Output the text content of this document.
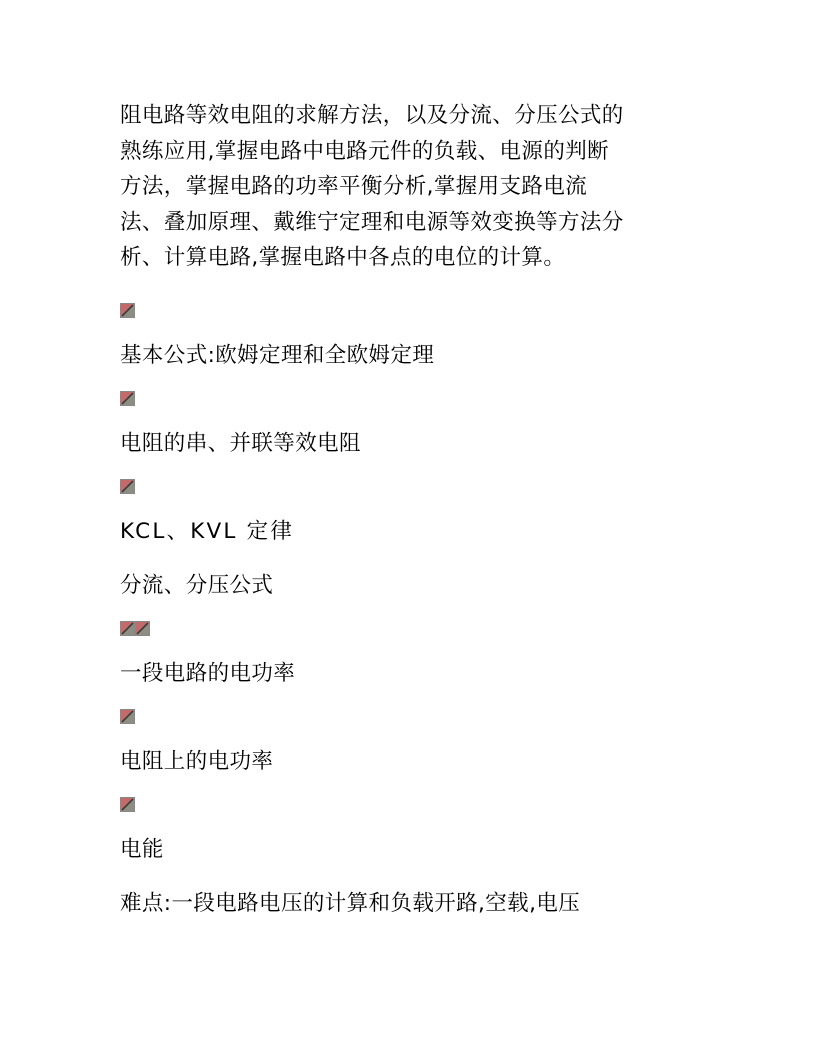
阻电路等效电阻的求解方法，以及分流、分压公式的
熟练应用,掌握电路中电路元件的负载、电源的判断
方法，掌握电路的功率平衡分析,掌握用支路电流
法、叠加原理、戴维宁定理和电源等效变换等方法分
析、计算电路,掌握电路中各点的电位的计算。
基本公式:欧姆定理和全欧姆定理
电阻的串、并联等效电阻
KCL、KVL 定律
分流、分压公式
一段电路的电功率
电阻上的电功率
电能
难点:一段电路电压的计算和负载开路,空载,电压
